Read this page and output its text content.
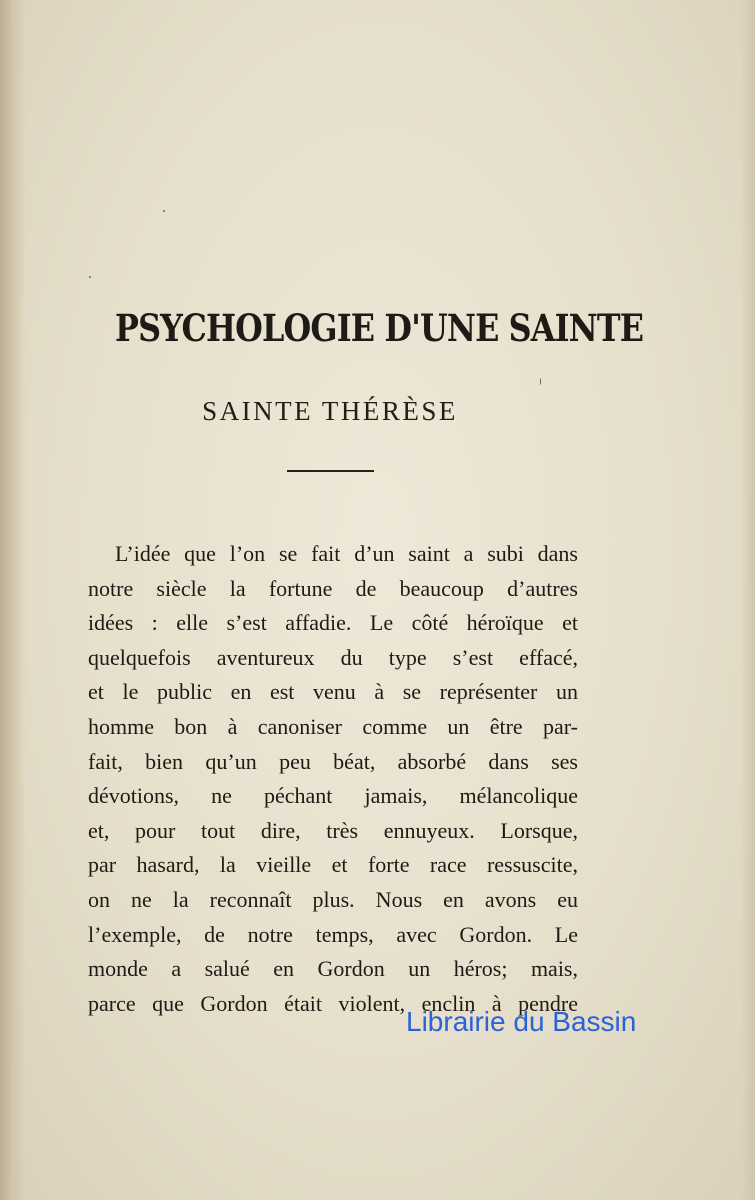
PSYCHOLOGIE D'UNE SAINTE
SAINTE THÉRÈSE
L’idée que l’on se fait d’un saint a subi dans
notre siècle la fortune de beaucoup d’autres
idées : elle s’est affadie. Le côté héroïque et
quelquefois aventureux du type s’est effacé,
et le public en est venu à se représenter un
homme bon à canoniser comme un être par-
fait, bien qu’un peu béat, absorbé dans ses
dévotions, ne péchant jamais, mélancolique
et, pour tout dire, très ennuyeux. Lorsque,
par hasard, la vieille et forte race ressuscite,
on ne la reconnaît plus. Nous en avons eu
l’exemple, de notre temps, avec Gordon. Le
monde a salué en Gordon un héros; mais,
parce que Gordon était violent, enclin à pendre
Librairie du Bassin
